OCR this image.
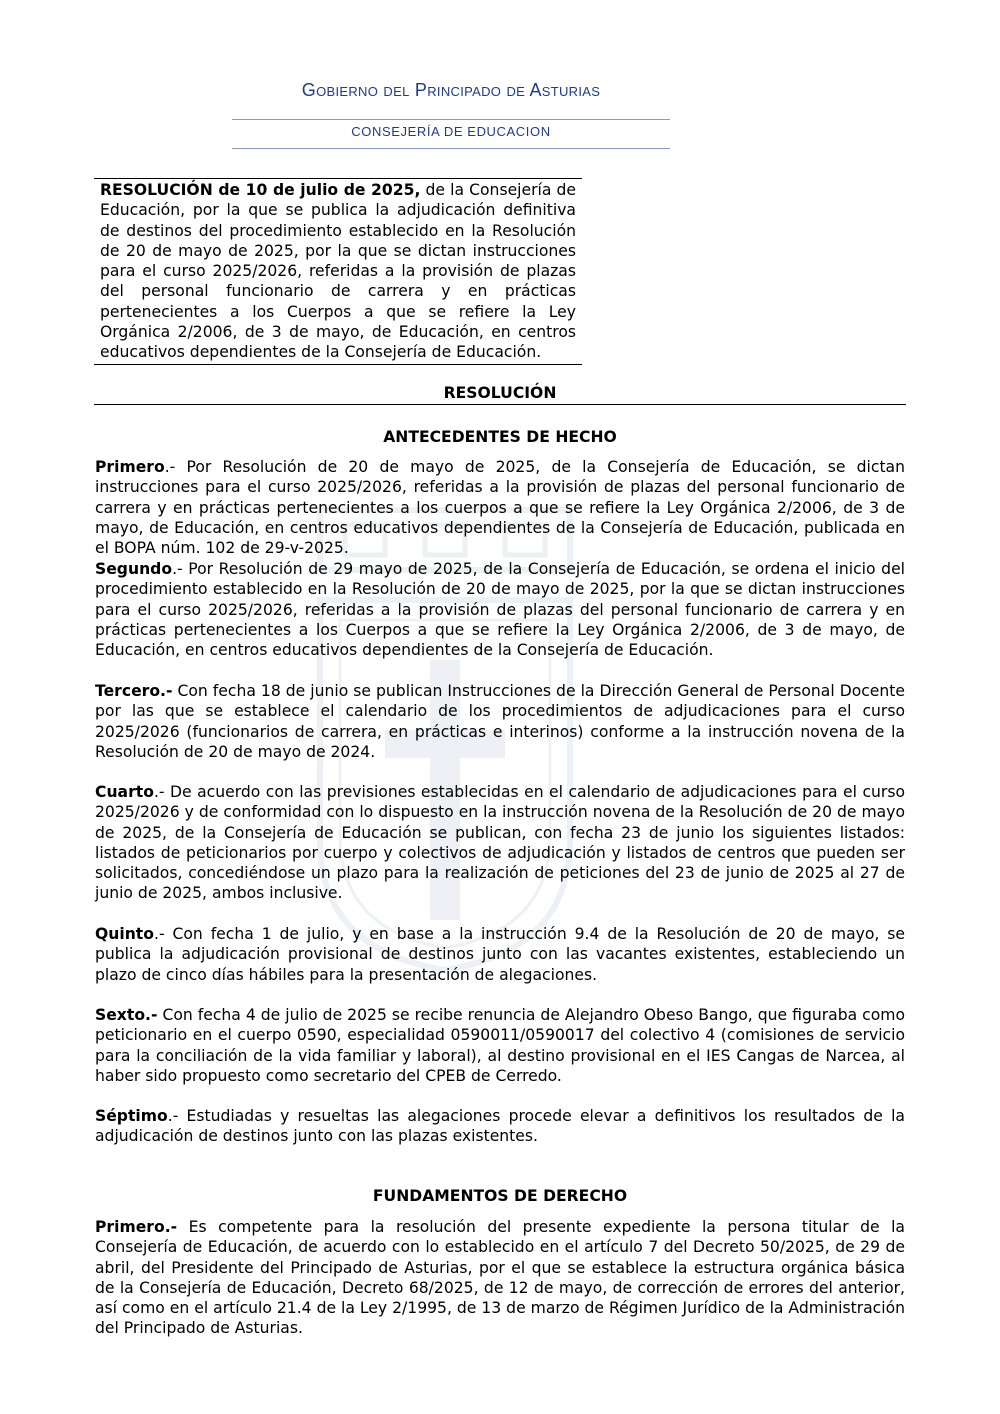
Gobierno del Principado de Asturias
CONSEJERÍA DE EDUCACION
RESOLUCIÓN de 10 de julio de 2025, de la Consejería de Educación, por la que se publica la adjudicación definitiva de destinos del procedimiento establecido en la Resolución de 20 de mayo de 2025, por la que se dictan instrucciones para el curso 2025/2026, referidas a la provisión de plazas del personal funcionario de carrera y en prácticas pertenecientes a los Cuerpos a que se refiere la Ley Orgánica 2/2006, de 3 de mayo, de Educación, en centros educativos dependientes de la Consejería de Educación.
RESOLUCIÓN
ANTECEDENTES DE HECHO
Primero.- Por Resolución de 20 de mayo de 2025, de la Consejería de Educación, se dictan instrucciones para el curso 2025/2026, referidas a la provisión de plazas del personal funcionario de carrera y en prácticas pertenecientes a los cuerpos a que se refiere la Ley Orgánica 2/2006, de 3 de mayo, de Educación, en centros educativos dependientes de la Consejería de Educación, publicada en el BOPA núm. 102 de 29-v-2025.
Segundo.- Por Resolución de 29 mayo de 2025, de la Consejería de Educación, se ordena el inicio del procedimiento establecido en la Resolución de 20 de mayo de 2025, por la que se dictan instrucciones para el curso 2025/2026, referidas a la provisión de plazas del personal funcionario de carrera y en prácticas pertenecientes a los Cuerpos a que se refiere la Ley Orgánica 2/2006, de 3 de mayo, de Educación, en centros educativos dependientes de la Consejería de Educación.
Tercero.- Con fecha 18 de junio se publican Instrucciones de la Dirección General de Personal Docente por las que se establece el calendario de los procedimientos de adjudicaciones para el curso 2025/2026 (funcionarios de carrera, en prácticas e interinos) conforme a la instrucción novena de la Resolución de 20 de mayo de 2024.
Cuarto.- De acuerdo con las previsiones establecidas en el calendario de adjudicaciones para el curso 2025/2026 y de conformidad con lo dispuesto en la instrucción novena de la Resolución de 20 de mayo de 2025, de la Consejería de Educación se publican, con fecha 23 de junio los siguientes listados: listados de peticionarios por cuerpo y colectivos de adjudicación y listados de centros que pueden ser solicitados, concediéndose un plazo para la realización de peticiones del 23 de junio de 2025 al 27 de junio de 2025, ambos inclusive.
Quinto.- Con fecha 1 de julio, y en base a la instrucción 9.4 de la Resolución de 20 de mayo, se publica la adjudicación provisional de destinos junto con las vacantes existentes, estableciendo un plazo de cinco días hábiles para la presentación de alegaciones.
Sexto.- Con fecha 4 de julio de 2025 se recibe renuncia de Alejandro Obeso Bango, que figuraba como peticionario en el cuerpo 0590, especialidad 0590011/0590017 del colectivo 4 (comisiones de servicio para la conciliación de la vida familiar y laboral), al destino provisional en el IES Cangas de Narcea, al haber sido propuesto como secretario del CPEB de Cerredo.
Séptimo.- Estudiadas y resueltas las alegaciones procede elevar a definitivos los resultados de la adjudicación de destinos junto con las plazas existentes.
FUNDAMENTOS DE DERECHO
Primero.- Es competente para la resolución del presente expediente la persona titular de la Consejería de Educación, de acuerdo con lo establecido en el artículo 7 del Decreto 50/2025, de 29 de abril, del Presidente del Principado de Asturias, por el que se establece la estructura orgánica básica de la Consejería de Educación, Decreto 68/2025, de 12 de mayo, de corrección de errores del anterior, así como en el artículo 21.4 de la Ley 2/1995, de 13 de marzo de Régimen Jurídico de la Administración del Principado de Asturias.
